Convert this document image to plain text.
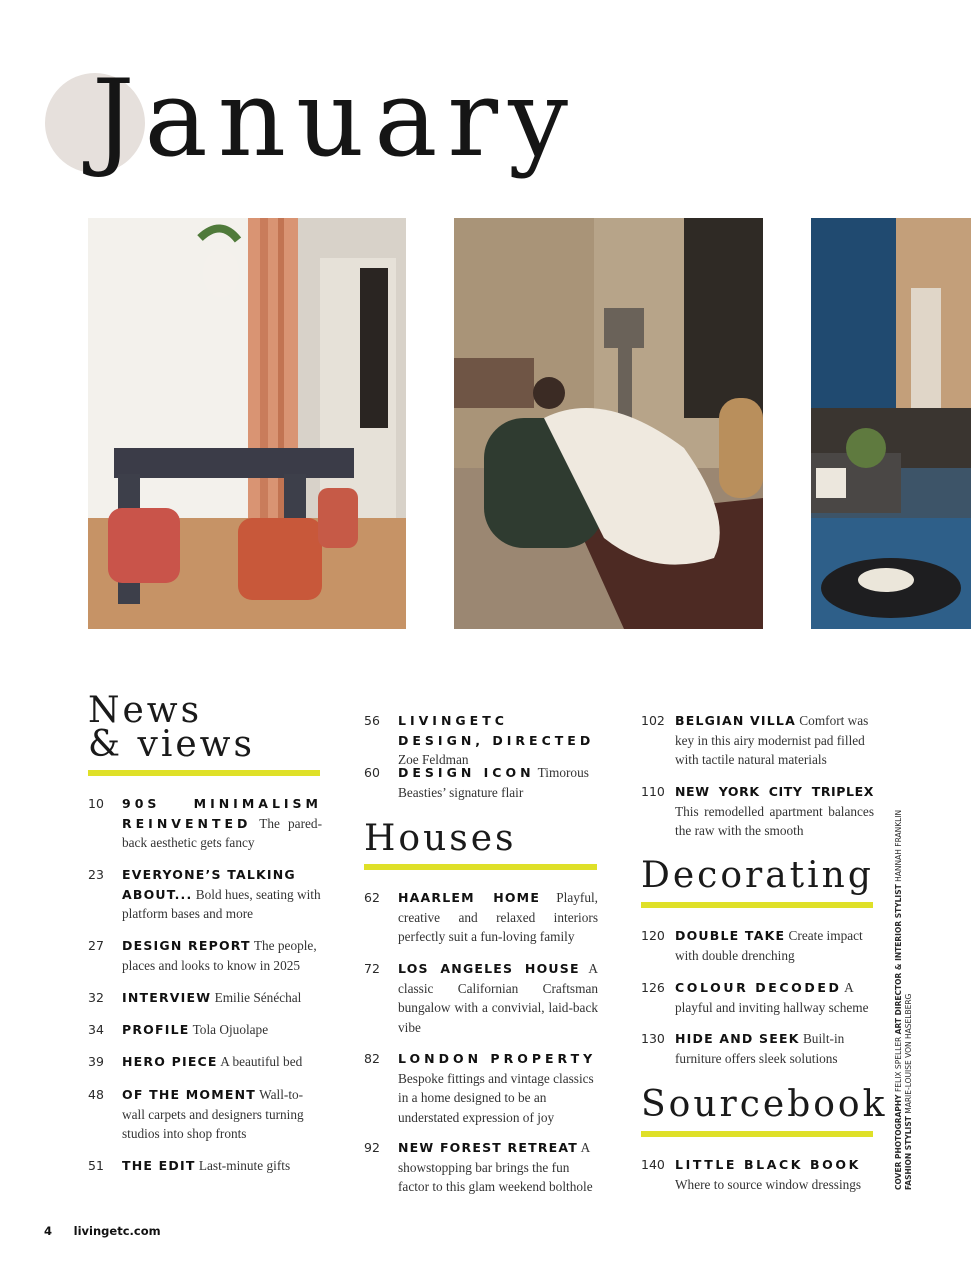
January
News
& views
10 90S MINIMALISM REINVENTED The pared-back aesthetic gets fancy
23 EVERYONE’S TALKING ABOUT... Bold hues, seating with platform bases and more
27 DESIGN REPORT The people, places and looks to know in 2025
32 INTERVIEW Emilie Sénéchal
34 PROFILE Tola Ojuolape
39 HERO PIECE A beautiful bed
48 OF THE MOMENT Wall-to-wall carpets and designers turning studios into shop fronts
51 THE EDIT Last-minute gifts
56 LIVINGETC DESIGN, DIRECTED Zoe Feldman
60 DESIGN ICON Timorous Beasties’ signature flair
Houses
62 HAARLEM HOME Playful, creative and relaxed interiors perfectly suit a fun-loving family
72 LOS ANGELES HOUSE A classic Californian Craftsman bungalow with a convivial, laid-back vibe
82 LONDON PROPERTY Bespoke fittings and vintage classics in a home designed to be an understated expression of joy
92 NEW FOREST RETREAT A showstopping bar brings the fun factor to this glam weekend bolthole
102 BELGIAN VILLA Comfort was key in this airy modernist pad filled with tactile natural materials
110 NEW YORK CITY TRIPLEX This remodelled apartment balances the raw with the smooth
Decorating
120 DOUBLE TAKE Create impact with double drenching
126 COLOUR DECODED A playful and inviting hallway scheme
130 HIDE AND SEEK Built-in furniture offers sleek solutions
Sourcebook
140 LITTLE BLACK BOOK Where to source window dressings	COVER PHOTOGRAPHY FELIX SPELLER ART DIRECTOR & INTERIOR STYLIST HANNAH FRANKLIN
FASHION STYLIST MARIE-LOUISE VON HASELBERG
4 livingetc.com
